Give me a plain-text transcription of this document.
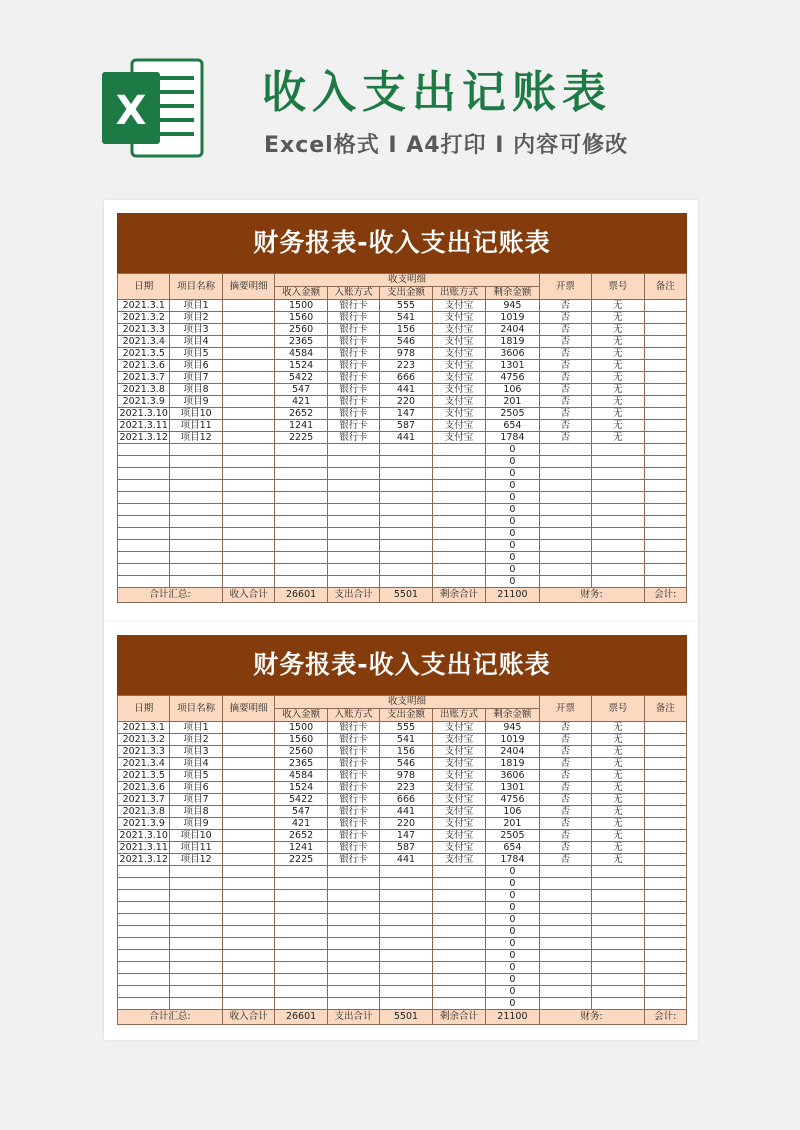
X	收入支出记账表
Excel格式 I A4打印 I 内容可修改
财务报表-收入支出记账表
日期	项目名称	摘要明细	收支明细					开票	票号	备注
			收入金额	入账方式	支出金额	出账方式	剩余金额			
2021.3.1	项目1		1500	银行卡	555	支付宝	945	否	无	
2021.3.2	项目2		1560	银行卡	541	支付宝	1019	否	无	
2021.3.3	项目3		2560	银行卡	156	支付宝	2404	否	无	
2021.3.4	项目4		2365	银行卡	546	支付宝	1819	否	无	
2021.3.5	项目5		4584	银行卡	978	支付宝	3606	否	无	
2021.3.6	项目6		1524	银行卡	223	支付宝	1301	否	无	
2021.3.7	项目7		5422	银行卡	666	支付宝	4756	否	无	
2021.3.8	项目8		547	银行卡	441	支付宝	106	否	无	
2021.3.9	项目9		421	银行卡	220	支付宝	201	否	无	
2021.3.10	项目10		2652	银行卡	147	支付宝	2505	否	无	
2021.3.11	项目11		1241	银行卡	587	支付宝	654	否	无	
2021.3.12	项目12		2225	银行卡	441	支付宝	1784	否	无	
							0			
							0			
							0			
							0			
							0			
							0			
							0			
							0			
							0			
							0			
							0			
							0			
合计汇总:		收入合计	26601	支出合计	5501	剩余合计	21100	财务:		会计:
财务报表-收入支出记账表
日期	项目名称	摘要明细	收支明细					开票	票号	备注
			收入金额	入账方式	支出金额	出账方式	剩余金额			
2021.3.1	项目1		1500	银行卡	555	支付宝	945	否	无	
2021.3.2	项目2		1560	银行卡	541	支付宝	1019	否	无	
2021.3.3	项目3		2560	银行卡	156	支付宝	2404	否	无	
2021.3.4	项目4		2365	银行卡	546	支付宝	1819	否	无	
2021.3.5	项目5		4584	银行卡	978	支付宝	3606	否	无	
2021.3.6	项目6		1524	银行卡	223	支付宝	1301	否	无	
2021.3.7	项目7		5422	银行卡	666	支付宝	4756	否	无	
2021.3.8	项目8		547	银行卡	441	支付宝	106	否	无	
2021.3.9	项目9		421	银行卡	220	支付宝	201	否	无	
2021.3.10	项目10		2652	银行卡	147	支付宝	2505	否	无	
2021.3.11	项目11		1241	银行卡	587	支付宝	654	否	无	
2021.3.12	项目12		2225	银行卡	441	支付宝	1784	否	无	
							0			
							0			
							0			
							0			
							0			
							0			
							0			
							0			
							0			
							0			
							0			
							0			
合计汇总:		收入合计	26601	支出合计	5501	剩余合计	21100	财务:		会计:
